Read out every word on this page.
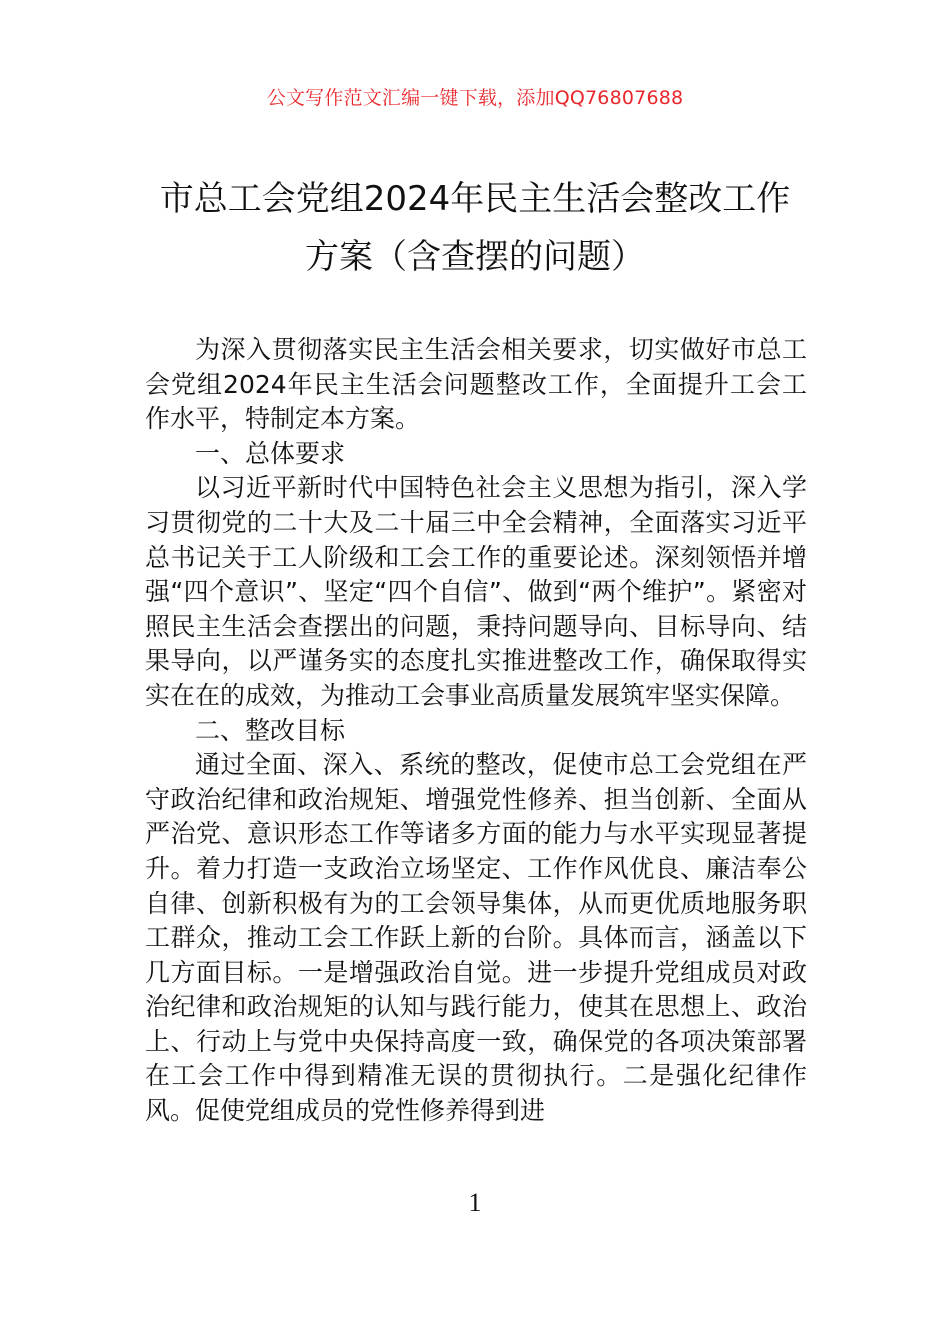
公文写作范文汇编一键下载，添加QQ76807688
市总工会党组2024年民主生活会整改工作
方案（含查摆的问题）

为深入贯彻落实民主生活会相关要求，切实做好市总工会党组2024年民主生活会问题整改工作，全面提升工会工作水平，特制定本方案。

一、总体要求

以习近平新时代中国特色社会主义思想为指引，深入学习贯彻党的二十大及二十届三中全会精神，全面落实习近平总书记关于工人阶级和工会工作的重要论述。深刻领悟并增强“四个意识”、坚定“四个自信”、做到“两个维护”。紧密对照民主生活会查摆出的问题，秉持问题导向、目标导向、结果导向，以严谨务实的态度扎实推进整改工作，确保取得实实在在的成效，为推动工会事业高质量发展筑牢坚实保障。

二、整改目标

通过全面、深入、系统的整改，促使市总工会党组在严守政治纪律和政治规矩、增强党性修养、担当创新、全面从严治党、意识形态工作等诸多方面的能力与水平实现显著提升。着力打造一支政治立场坚定、工作作风优良、廉洁奉公自律、创新积极有为的工会领导集体，从而更优质地服务职工群众，推动工会工作跃上新的台阶。具体而言，涵盖以下几方面目标。一是增强政治自觉。进一步提升党组成员对政治纪律和政治规矩的认知与践行能力，使其在思想上、政治上、行动上与党中央保持高度一致，确保党的各项决策部署在工会工作中得到精准无误的贯彻执行。二是强化纪律作风。促使党组成员的党性修养得到进

1
